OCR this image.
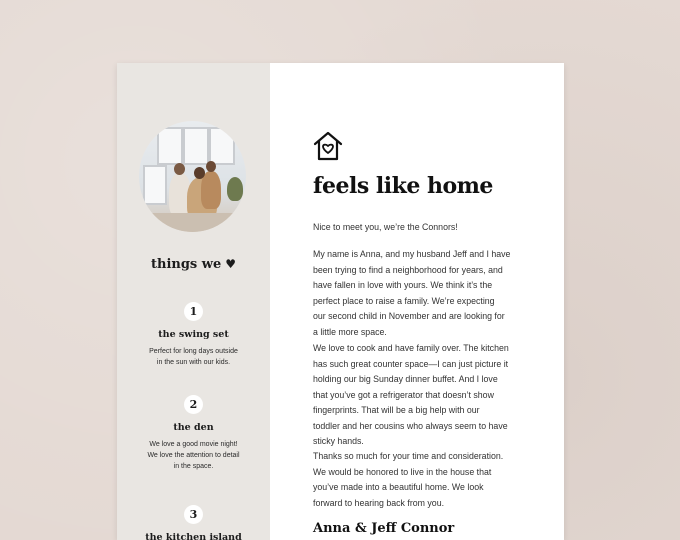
things we ♥
1
the swing set
Perfect for long days outside
in the sun with our kids.
2
the den
We love a good movie night!
We love the attention to detail
in the space.
3
the kitchen island
feels like home

Nice to meet you, we’re the Connors!

My name is Anna, and my husband Jeff and I have
been trying to find a neighborhood for years, and
have fallen in love with yours. We think it’s the
perfect place to raise a family. We’re expecting
our second child in November and are looking for
a little more space.
We love to cook and have family over. The kitchen
has such great counter space—I can just picture it
holding our big Sunday dinner buffet. And I love
that you’ve got a refrigerator that doesn’t show
fingerprints. That will be a big help with our
toddler and her cousins who always seem to have
sticky hands.
Thanks so much for your time and consideration.
We would be honored to live in the house that
you’ve made into a beautiful home. We look
forward to hearing back from you.
Anna & Jeff Connor
